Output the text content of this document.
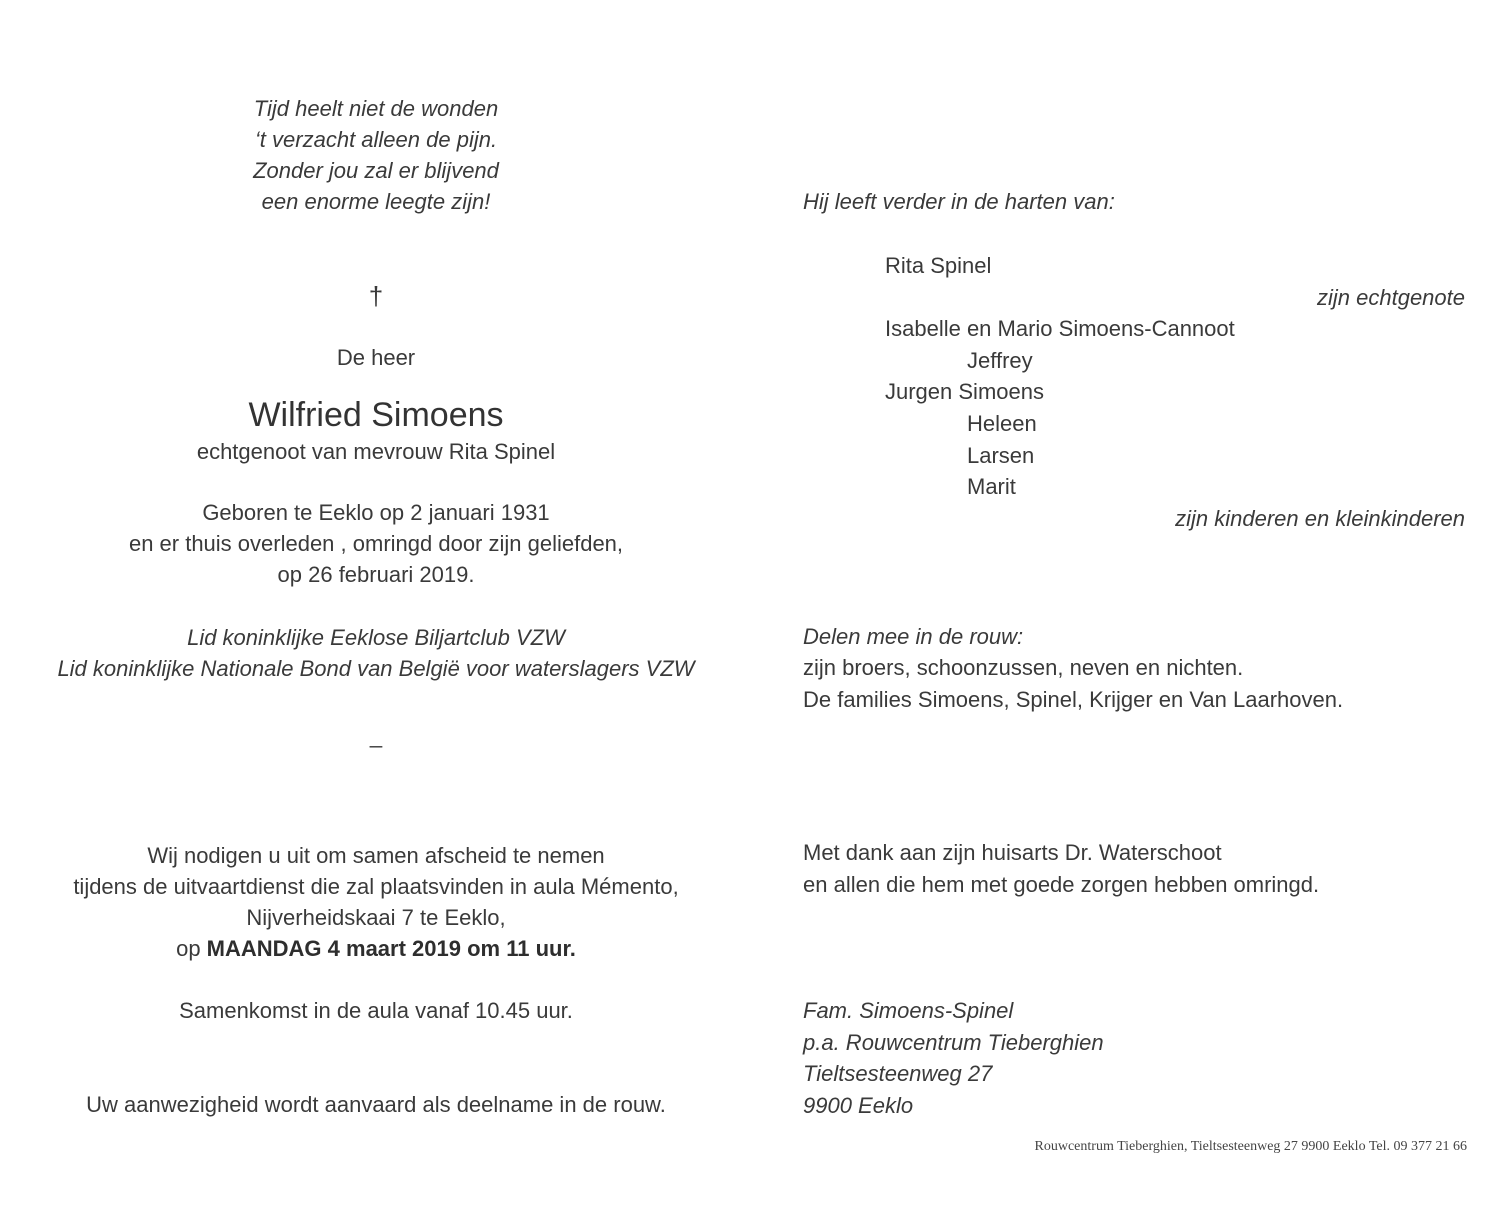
Tijd heelt niet de wonden
‘t verzacht alleen de pijn.
Zonder jou zal er blijvend
een enorme leegte zijn!
†
De heer
Wilfried Simoens
echtgenoot van mevrouw Rita Spinel
Geboren te Eeklo op 2 januari 1931
en er thuis overleden , omringd door zijn geliefden,
op 26 februari 2019.
Lid koninklijke Eeklose Biljartclub VZW
Lid koninklijke Nationale Bond van België voor waterslagers VZW
_
Wij nodigen u uit om samen afscheid te nemen
tijdens de uitvaartdienst die zal plaatsvinden in aula Mémento,
Nijverheidskaai 7 te Eeklo,
op MAANDAG 4 maart 2019 om 11 uur.
Samenkomst in de aula vanaf 10.45 uur.
Uw aanwezigheid wordt aanvaard als deelname in de rouw.
Hij leeft verder in de harten van:
Rita Spinel
zijn echtgenote
Isabelle en Mario Simoens-Cannoot
Jeffrey
Jurgen Simoens
Heleen
Larsen
Marit
zijn kinderen en kleinkinderen
Delen mee in de rouw:
zijn broers, schoonzussen, neven en nichten.
De families Simoens, Spinel, Krijger en Van Laarhoven.
Met dank aan zijn huisarts Dr. Waterschoot
en allen die hem met goede zorgen hebben omringd.
Fam. Simoens-Spinel
p.a. Rouwcentrum Tieberghien
Tieltsesteenweg 27
9900 Eeklo
Rouwcentrum Tieberghien, Tieltsesteenweg 27 9900 Eeklo Tel. 09 377 21 66
